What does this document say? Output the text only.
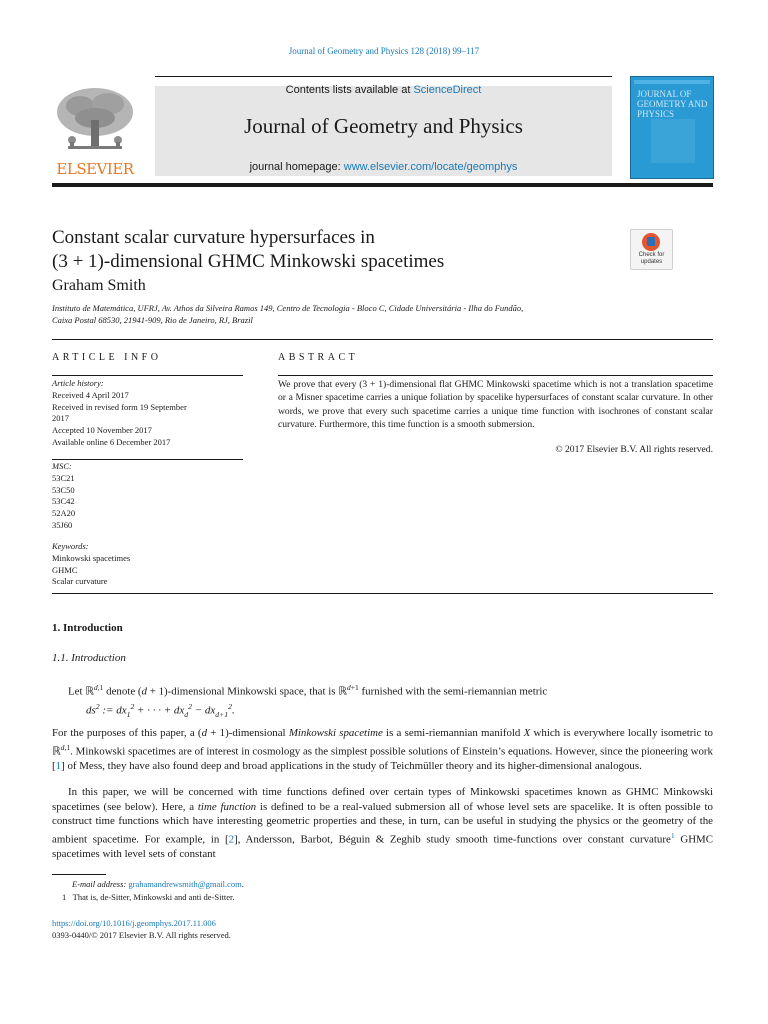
Journal of Geometry and Physics 128 (2018) 99–117
ELSEVIER
Contents lists available at ScienceDirect
Journal of Geometry and Physics
journal homepage: www.elsevier.com/locate/geomphys
JOURNAL OF
GEOMETRY AND
PHYSICS
Constant scalar curvature hypersurfaces in
(3 + 1)-dimensional GHMC Minkowski spacetimes	Check for
updates
Graham Smith
Instituto de Matemática, UFRJ, Av. Athos da Silveira Ramos 149, Centro de Tecnologia - Bloco C, Cidade Universitária - Ilha do Fundão,
Caixa Postal 68530, 21941-909, Rio de Janeiro, RJ, Brazil
ARTICLE INFO
Article history:
Received 4 April 2017
Received in revised form 19 September
2017
Accepted 10 November 2017
Available online 6 December 2017
MSC:
53C21
53C50
53C42
52A20
35J60
Keywords:
Minkowski spacetimes
GHMC
Scalar curvature
ABSTRACT
We prove that every (3 + 1)-dimensional flat GHMC Minkowski spacetime which is not a translation spacetime or a Misner spacetime carries a unique foliation by spacelike hypersurfaces of constant scalar curvature. In other words, we prove that every such spacetime carries a unique time function with isochrones of constant scalar curvature. Furthermore, this time function is a smooth submersion.
© 2017 Elsevier B.V. All rights reserved.
1. Introduction
1.1. Introduction
Let ℝ$^{d,1}$ denote (d + 1)-dimensional Minkowski space, that is ℝ$^{d+1}$ furnished with the semi-riemannian metric
$ds^2$ := $dx_1^2$ + · · · + $dx_d^2 - dx_{d+1}^2$.
For the purposes of this paper, a (d + 1)-dimensional Minkowski spacetime is a semi-riemannian manifold X which is everywhere locally isometric to ℝ$^{d,1}$. Minkowski spacetimes are of interest in cosmology as the simplest possible solutions of Einstein’s equations. However, since the pioneering work [1] of Mess, they have also found deep and broad applications in the study of Teichmüller theory and its higher-dimensional analogous.
In this paper, we will be concerned with time functions defined over certain types of Minkowski spacetimes known as GHMC Minkowski spacetimes (see below). Here, a time function is defined to be a real-valued submersion all of whose level sets are spacelike. It is often possible to construct time functions which have interesting geometric properties and these, in turn, can be useful in studying the physics or the geometry of the ambient spacetime. For example, in [2], Andersson, Barbot, Béguin & Zeghib study smooth time-functions over constant curvature$^1$ GHMC spacetimes with level sets of constant
E-mail address: grahamandrewsmith@gmail.com.
1 That is, de-Sitter, Minkowski and anti de-Sitter.
https://doi.org/10.1016/j.geomphys.2017.11.006
0393-0440/© 2017 Elsevier B.V. All rights reserved.
